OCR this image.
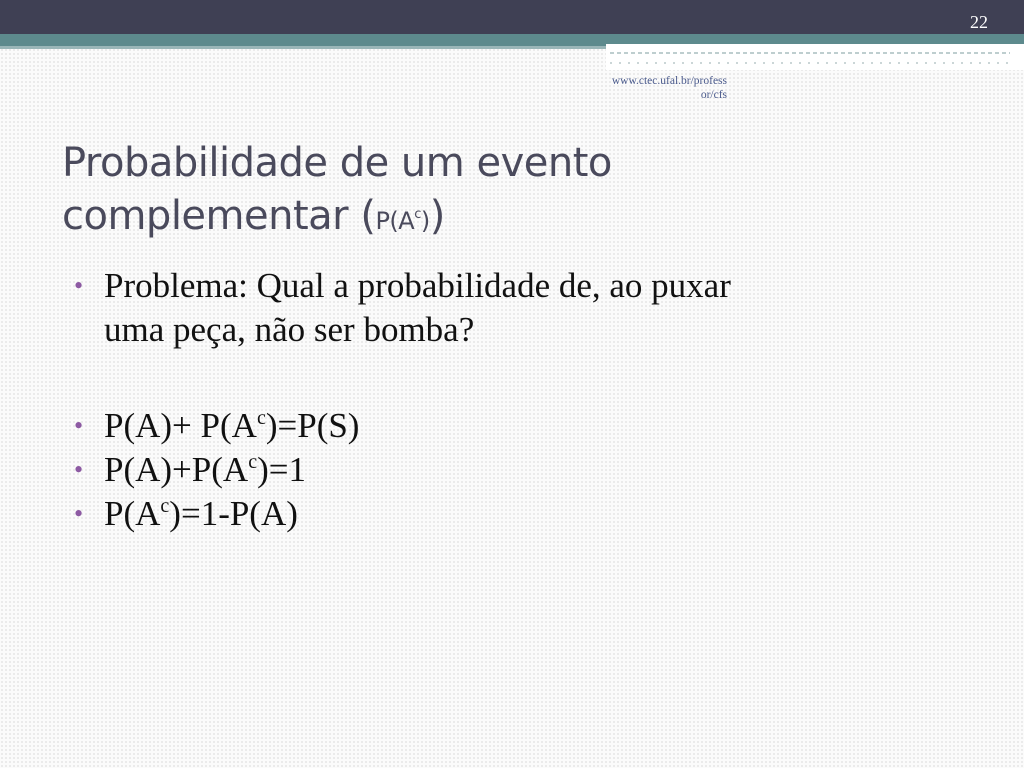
22
www.ctec.ufal.br/profess
or/cfs
Probabilidade de um evento
complementar $(P(A^c))$
• Problema: Qual a probabilidade de, ao puxar
uma peça, não ser bomba?
• $P(A)+ P(A^c)=P(S)$
• $P(A)+P(A^c)=1$
• $P(A^c)=1-P(A)$
